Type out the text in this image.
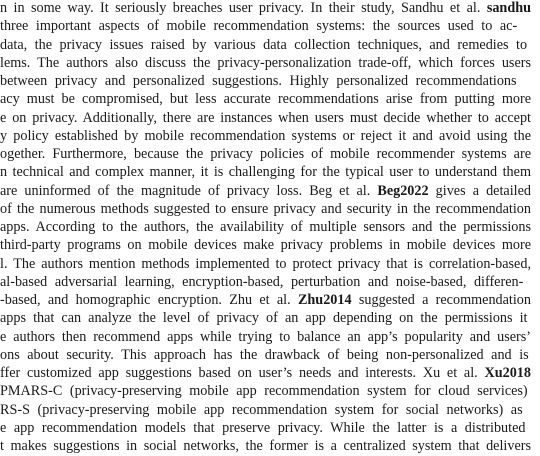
n in some way. It seriously breaches user privacy. In their study, Sandhu et al. sandhu
three important aspects of mobile recommendation systems: the sources used to ac-
data, the privacy issues raised by various data collection techniques, and remedies to
lems. The authors also discuss the privacy-personalization trade-off, which forces users
between privacy and personalized suggestions. Highly personalized recommendations
acy must be compromised, but less accurate recommendations arise from putting more
e on privacy. Additionally, there are instances when users must decide whether to accept
y policy established by mobile recommendation systems or reject it and avoid using the
ogether. Furthermore, because the privacy policies of mobile recommender systems are
n technical and complex manner, it is challenging for the typical user to understand them
are uninformed of the magnitude of privacy loss. Beg et al. Beg2022 gives a detailed
of the numerous methods suggested to ensure privacy and security in the recommendation
apps. According to the authors, the availability of multiple sensors and the permissions
third-party programs on mobile devices make privacy problems in mobile devices more
l. The authors mention methods implemented to protect privacy that is correlation-based,
al-based adversarial learning, encryption-based, perturbation and noise-based, differen-
-based, and homographic encryption. Zhu et al. Zhu2014 suggested a recommendation
apps that can analyze the level of privacy of an app depending on the permissions it
e authors then recommend apps while trying to balance an app’s popularity and users’
ons about security. This approach has the drawback of being non-personalized and is
ffer customized app suggestions based on user’s needs and interests. Xu et al. Xu2018
PMARS-C (privacy-preserving mobile app recommendation system for cloud services)
RS-S (privacy-preserving mobile app recommendation system for social networks) as
e app recommendation models that preserve privacy. While the latter is a distributed
t makes suggestions in social networks, the former is a centralized system that delivers
